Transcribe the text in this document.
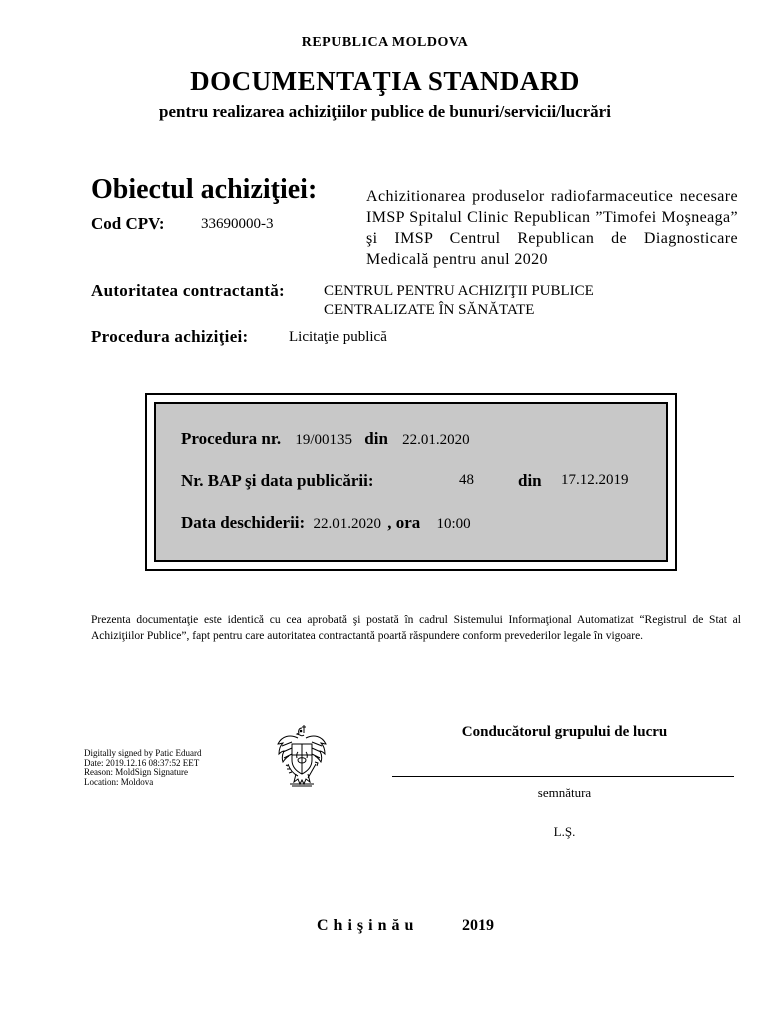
REPUBLICA MOLDOVA
DOCUMENTAŢIA STANDARD
pentru realizarea achiziţiilor publice de bunuri/servicii/lucrări
Obiectul achiziţiei:	Achizitionarea produselor radiofarmaceutice necesare IMSP Spitalul Clinic Republican ”Timofei Moşneaga” şi IMSP Centrul Republican de Diagnosticare Medicală pentru anul 2020
Cod CPV: 33690000-3
Autoritatea contractantă:	CENTRUL PENTRU ACHIZIŢII PUBLICE
CENTRALIZATE ÎN SĂNĂTATE
Procedura achiziţiei:	Licitaţie publică
Procedura nr. 19/00135 din 22.01.2020
Nr. BAP şi data publicării:	48	din 17.12.2019
Data deschiderii: 22.01.2020 , ora 10:00
Prezenta documentaţie este identică cu cea aprobată şi postată în cadrul Sistemului Informaţional Automatizat “Registrul de Stat al Achiziţiilor Publice”, fapt pentru care autoritatea contractantă poartă răspundere conform prevederilor legale în vigoare.
Digitally signed by Patic Eduard
Date: 2019.12.16 08:37:52 EET
Reason: MoldSign Signature
Location: Moldova
Conducătorul grupului de lucru
semnătura
L.Ş.
Chişinău	2019
